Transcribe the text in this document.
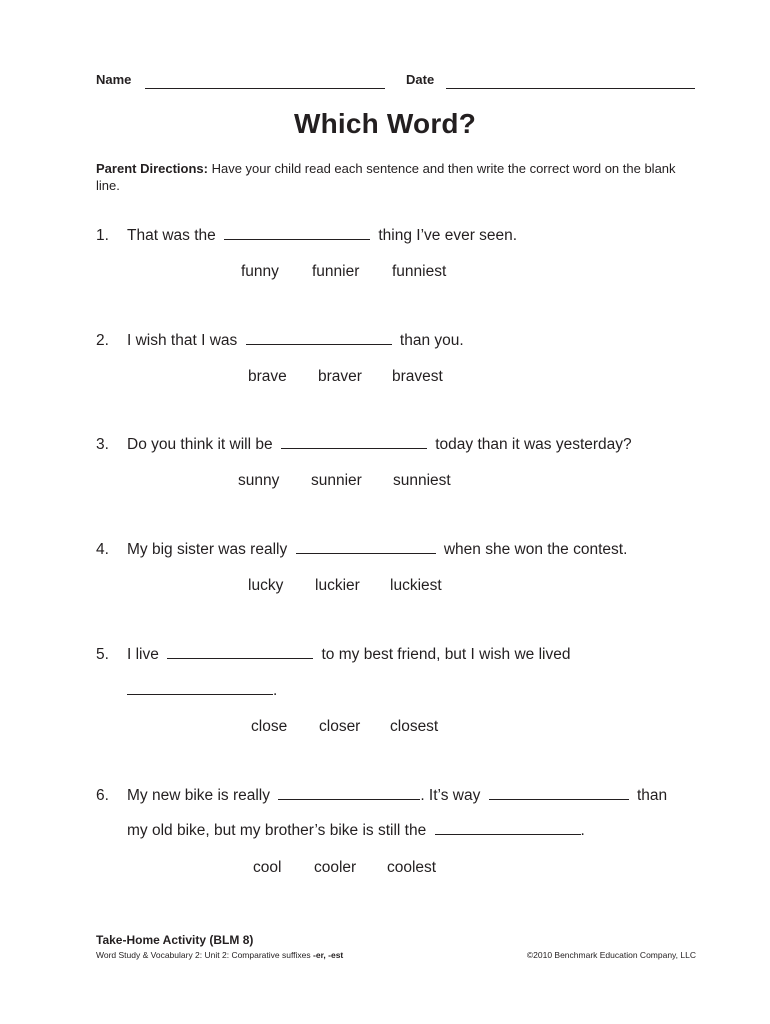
Name	Date
Which Word?
Parent Directions: Have your child read each sentence and then write the correct word on the blank line.
1. That was the	thing I’ve ever seen.
funny funnier funniest
2. I wish that I was	than you.
brave braver bravest
3. Do you think it will be	today than it was yesterday?
sunny sunnier sunniest
4. My big sister was really	when she won the contest.
lucky luckier luckiest
5. I live	to my best friend, but I wish we lived
.
close closer closest
6. My new bike is really	. It’s way	than
my old bike, but my brother’s bike is still the	.
cool cooler coolest
Take-Home Activity (BLM 8)
Word Study & Vocabulary 2: Unit 2: Comparative suffixes -er, -est	©2010 Benchmark Education Company, LLC
